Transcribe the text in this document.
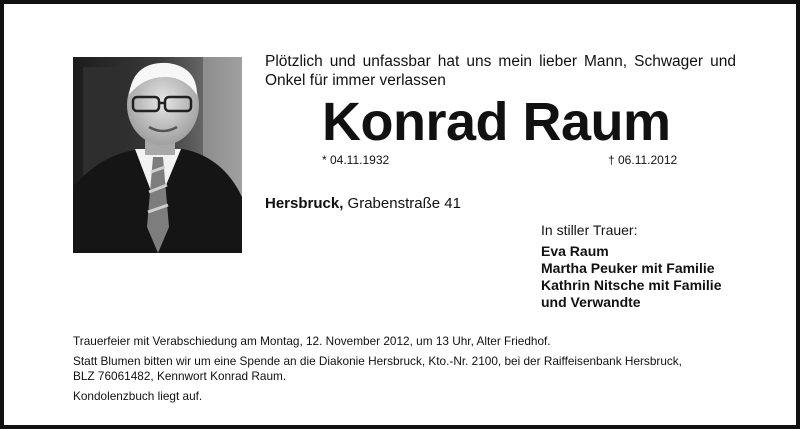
Plötzlich und unfassbar hat uns mein lieber Mann, Schwager und Onkel für immer verlassen
Konrad Raum
* 04.11.1932	† 06.11.2012
Hersbruck, Grabenstraße 41
In stiller Trauer:
Eva Raum
Martha Peuker mit Familie
Kathrin Nitsche mit Familie
und Verwandte
Trauerfeier mit Verabschiedung am Montag, 12. November 2012, um 13 Uhr, Alter Friedhof.
Statt Blumen bitten wir um eine Spende an die Diakonie Hersbruck, Kto.-Nr. 2100, bei der Raiffeisenbank Hersbruck,
BLZ 76061482, Kennwort Konrad Raum.
Kondolenzbuch liegt auf.
